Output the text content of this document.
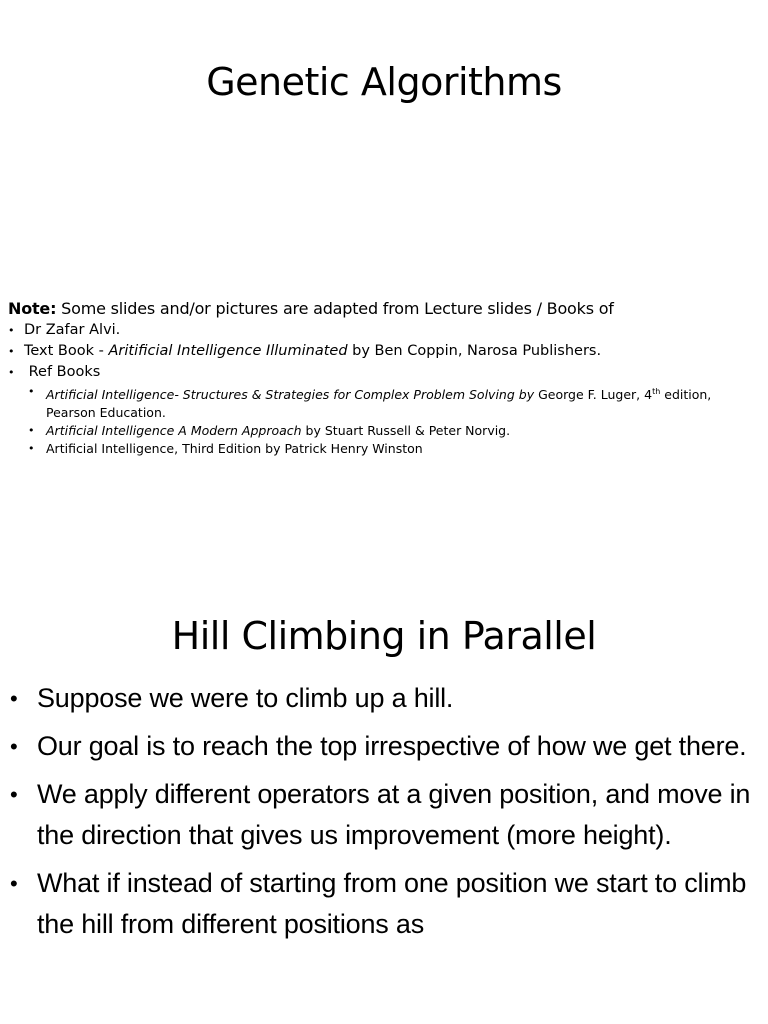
Genetic Algorithms
Note: Some slides and/or pictures are adapted from Lecture slides / Books of
• Dr Zafar Alvi.
• Text Book - Aritificial Intelligence Illuminated by Ben Coppin, Narosa Publishers.
• Ref Books
• Artificial Intelligence- Structures & Strategies for Complex Problem Solving by George F. Luger, 4th edition, Pearson Education.
• Artificial Intelligence A Modern Approach by Stuart Russell & Peter Norvig.
• Artificial Intelligence, Third Edition by Patrick Henry Winston
Hill Climbing in Parallel
• Suppose we were to climb up a hill.
• Our goal is to reach the top irrespective of how we get there.
• We apply different operators at a given position, and move in the direction that gives us improvement (more height).
• What if instead of starting from one position we start to climb the hill from different positions as
